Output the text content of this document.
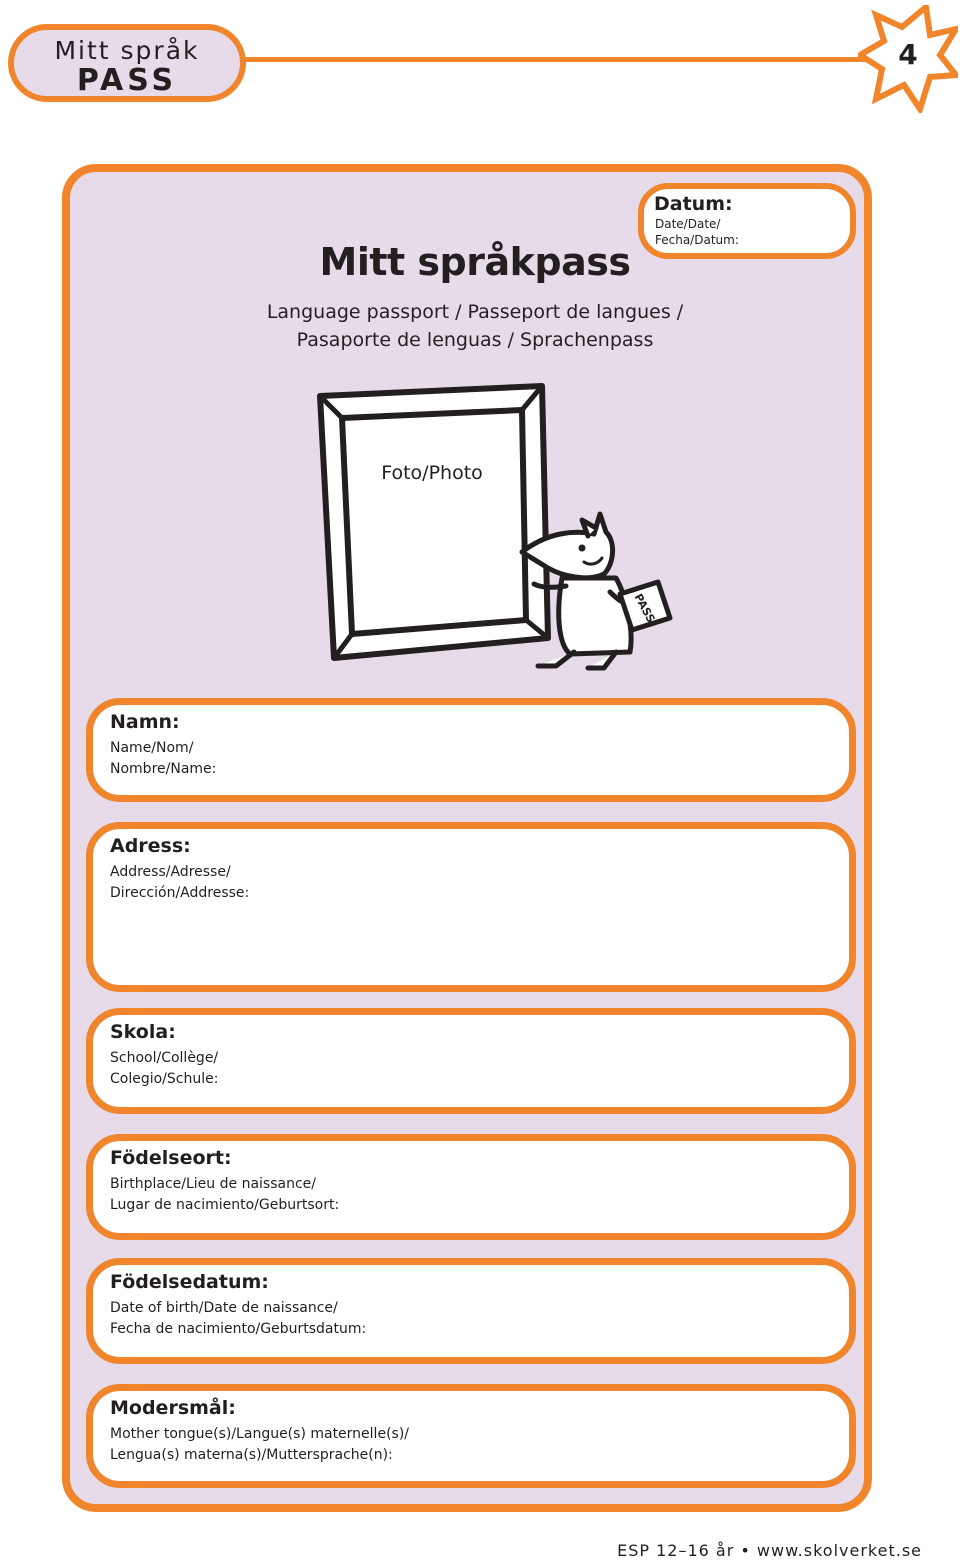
Mitt språk
PASS
4
Datum:
Date/Date/
Fecha/Datum:
Mitt språkpass
Language passport / Passeport de langues /
Pasaporte de lenguas / Sprachenpass
PASS
Foto/Photo
Namn:
Name/Nom/
Nombre/Name:
Adress:
Address/Adresse/
Dirección/Addresse:
Skola:
School/Collège/
Colegio/Schule:
Födelseort:
Birthplace/Lieu de naissance/
Lugar de nacimiento/Geburtsort:
Födelsedatum:
Date of birth/Date de naissance/
Fecha de nacimiento/Geburtsdatum:
Modersmål:
Mother tongue(s)/Langue(s) maternelle(s)/
Lengua(s) materna(s)/Muttersprache(n):
ESP 12–16 år • www.skolverket.se
